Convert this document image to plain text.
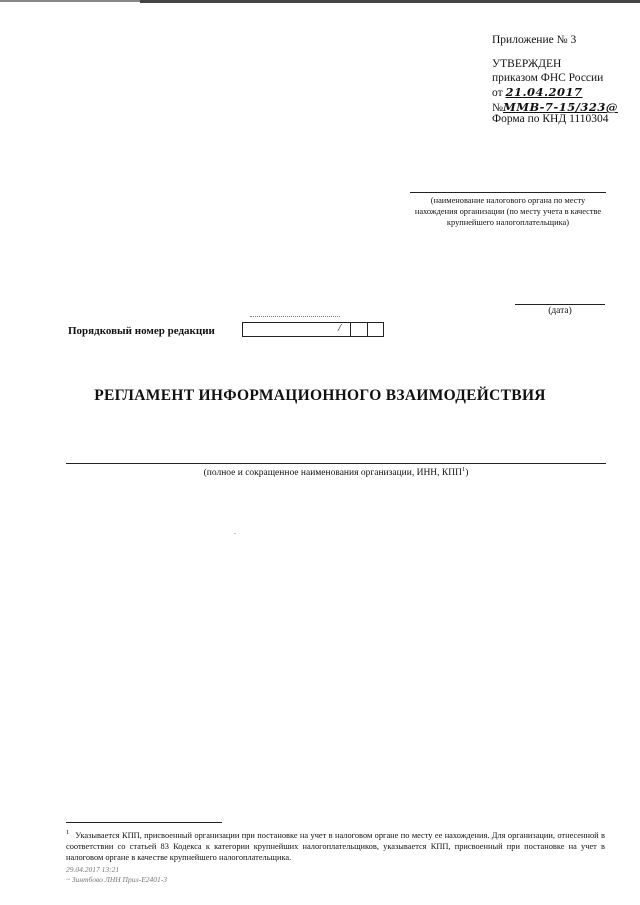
Приложение № 3
УТВЕРЖДЕН
приказом ФНС России
от 21.04.2017
№ММВ-7-15/323@
Форма по КНД 1110304
(наименование налогового органа по месту
нахождения организации (по месту учета в качестве
крупнейшего налогоплательщика)
(дата)
Порядковый номер редакции	/
РЕГЛАМЕНТ ИНФОРМАЦИОННОГО ВЗАИМОДЕЙСТВИЯ
(полное и сокращенное наименования организации, ИНН, КПП$^1$)
.
$^1$ Указывается КПП, присвоенный организации при постановке на учет в налоговом органе по месту ее нахождения. Для организации, отнесенной в соответствии со статьей 83 Кодекса к категории крупнейших налогоплательщиков, указывается КПП, присвоенный при постановке на учет в налоговом органе в качестве крупнейшего налогоплательщика.
29.04.2017 13:21
~ Зинтбово ЛНН Прил-Е2401-3
